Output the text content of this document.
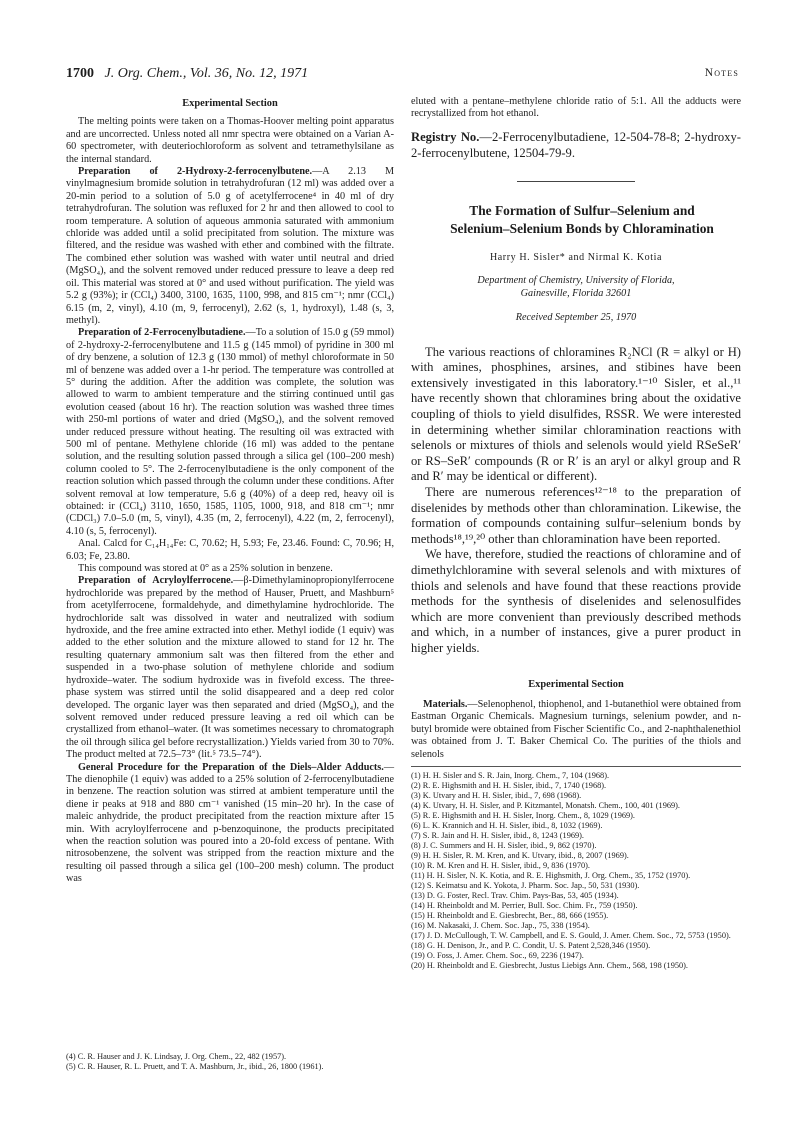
1700 J. Org. Chem., Vol. 36, No. 12, 1971	Notes
Experimental Section

The melting points were taken on a Thomas-Hoover melting point apparatus and are uncorrected. Unless noted all nmr spectra were obtained on a Varian A-60 spectrometer, with deuteriochloroform as solvent and tetramethylsilane as the internal standard.

Preparation of 2-Hydroxy-2-ferrocenylbutene.—A 2.13 M vinylmagnesium bromide solution in tetrahydrofuran (12 ml) was added over a 20-min period to a solution of 5.0 g of acetylferrocene⁴ in 40 ml of dry tetrahydrofuran. The solution was refluxed for 2 hr and then allowed to cool to room temperature. A solution of aqueous ammonia saturated with ammonium chloride was added until a solid precipitated from solution. The mixture was filtered, and the residue was washed with ether and combined with the filtrate. The combined ether solution was washed with water until neutral and dried (MgSO₄), and the solvent removed under reduced pressure to leave a deep red oil. This material was stored at 0° and used without purification. The yield was 5.2 g (93%); ir (CCl₄) 3400, 3100, 1635, 1100, 998, and 815 cm⁻¹; nmr (CCl₄) 6.15 (m, 2, vinyl), 4.10 (m, 9, ferrocenyl), 2.62 (s, 1, hydroxyl), 1.48 (s, 3, methyl).

Preparation of 2-Ferrocenylbutadiene.—To a solution of 15.0 g (59 mmol) of 2-hydroxy-2-ferrocenylbutene and 11.5 g (145 mmol) of pyridine in 300 ml of dry benzene, a solution of 12.3 g (130 mmol) of methyl chloroformate in 50 ml of benzene was added over a 1-hr period. The temperature was controlled at 5° during the addition. After the addition was complete, the solution was allowed to warm to ambient temperature and the stirring continued until gas evolution ceased (about 16 hr). The reaction solution was washed three times with 250-ml portions of water and dried (MgSO₄), and the solvent removed under reduced pressure without heating. The resulting oil was extracted with 500 ml of pentane. Methylene chloride (16 ml) was added to the pentane solution, and the resulting solution passed through a silica gel (100–200 mesh) column cooled to 5°. The 2-ferrocenylbutadiene is the only component of the reaction solution which passed through the column under these conditions. After solvent removal at low temperature, 5.6 g (40%) of a deep red, heavy oil is obtained: ir (CCl₄) 3110, 1650, 1585, 1105, 1000, 918, and 818 cm⁻¹; nmr (CDCl₃) 7.0–5.0 (m, 5, vinyl), 4.35 (m, 2, ferrocenyl), 4.22 (m, 2, ferrocenyl), 4.10 (s, 5, ferrocenyl).

Anal. Calcd for C₁₄H₁₄Fe: C, 70.62; H, 5.93; Fe, 23.46. Found: C, 70.96; H, 6.03; Fe, 23.80.

This compound was stored at 0° as a 25% solution in benzene.

Preparation of Acryloylferrocene.—β-Dimethylaminopropionylferrocene hydrochloride was prepared by the method of Hauser, Pruett, and Mashburn⁵ from acetylferrocene, formaldehyde, and dimethylamine hydrochloride. The hydrochloride salt was dissolved in water and neutralized with sodium hydroxide, and the free amine extracted into ether. Methyl iodide (1 equiv) was added to the ether solution and the mixture allowed to stand for 12 hr. The resulting quaternary ammonium salt was then filtered from the ether and suspended in a two-phase solution of methylene chloride and sodium hydroxide–water. The sodium hydroxide was in fivefold excess. The three-phase system was stirred until the solid disappeared and a deep red color developed. The organic layer was then separated and dried (MgSO₄), and the solvent removed under reduced pressure leaving a red oil which can be crystallized from ethanol–water. (It was sometimes necessary to chromatograph the oil through silica gel before recrystallization.) Yields varied from 30 to 70%. The product melted at 72.5–73° (lit.⁵ 73.5–74°).

General Procedure for the Preparation of the Diels–Alder Adducts.—The dienophile (1 equiv) was added to a 25% solution of 2-ferrocenylbutadiene in benzene. The reaction solution was stirred at ambient temperature until the diene ir peaks at 918 and 880 cm⁻¹ vanished (15 min–20 hr). In the case of maleic anhydride, the product precipitated from the reaction mixture after 15 min. With acryloylferrocene and p-benzoquinone, the products precipitated when the reaction solution was poured into a 20-fold excess of pentane. With nitrosobenzene, the solvent was stripped from the reaction mixture and the resulting oil passed through a silica gel (100–200 mesh) column. The product was

(4) C. R. Hauser and J. K. Lindsay, J. Org. Chem., 22, 482 (1957).

(5) C. R. Hauser, R. L. Pruett, and T. A. Mashburn, Jr., ibid., 26, 1800 (1961).

eluted with a pentane–methylene chloride ratio of 5:1. All the adducts were recrystallized from hot ethanol.

Registry No.—2-Ferrocenylbutadiene, 12-504-78-8; 2-hydroxy-2-ferrocenylbutene, 12504-79-9.

The Formation of Sulfur–Selenium and

Selenium–Selenium Bonds by Chloramination

Harry H. Sisler* and Nirmal K. Kotia

Department of Chemistry, University of Florida,

Gainesville, Florida 32601

Received September 25, 1970

The various reactions of chloramines R₂NCl (R = alkyl or H) with amines, phosphines, arsines, and stibines have been extensively investigated in this laboratory.¹⁻¹⁰ Sisler, et al.,¹¹ have recently shown that chloramines bring about the oxidative coupling of thiols to yield disulfides, RSSR. We were interested in determining whether similar chloramination reactions with selenols or mixtures of thiols and selenols would yield RSeSeR′ or RS–SeR′ compounds (R or R′ is an aryl or alkyl group and R and R′ may be identical or different).

There are numerous references¹²⁻¹⁸ to the preparation of diselenides by methods other than chloramination. Likewise, the formation of compounds containing sulfur–selenium bonds by methods¹⁸,¹⁹,²⁰ other than chloramination have been reported.

We have, therefore, studied the reactions of chloramine and of dimethylchloramine with several selenols and with mixtures of thiols and selenols and have found that these reactions provide methods for the synthesis of diselenides and selenosulfides which are more convenient than previously described methods and which, in a number of instances, give a purer product in higher yields.

Experimental Section

Materials.—Selenophenol, thiophenol, and 1-butanethiol were obtained from Eastman Organic Chemicals. Magnesium turnings, selenium powder, and n-butyl bromide were obtained from Fischer Scientific Co., and 2-naphthalenethiol was obtained from J. T. Baker Chemical Co. The purities of the thiols and selenols

(1) H. H. Sisler and S. R. Jain, Inorg. Chem., 7, 104 (1968).

(2) R. E. Highsmith and H. H. Sisler, ibid., 7, 1740 (1968).

(3) K. Utvary and H. H. Sisler, ibid., 7, 698 (1968).

(4) K. Utvary, H. H. Sisler, and P. Kitzmantel, Monatsh. Chem., 100, 401 (1969).

(5) R. E. Highsmith and H. H. Sisler, Inorg. Chem., 8, 1029 (1969).

(6) L. K. Krannich and H. H. Sisler, ibid., 8, 1032 (1969).

(7) S. R. Jain and H. H. Sisler, ibid., 8, 1243 (1969).

(8) J. C. Summers and H. H. Sisler, ibid., 9, 862 (1970).

(9) H. H. Sisler, R. M. Kren, and K. Utvary, ibid., 8, 2007 (1969).

(10) R. M. Kren and H. H. Sisler, ibid., 9, 836 (1970).

(11) H. H. Sisler, N. K. Kotia, and R. E. Highsmith, J. Org. Chem., 35, 1752 (1970).

(12) S. Keimatsu and K. Yokota, J. Pharm. Soc. Jap., 50, 531 (1930).

(13) D. G. Foster, Recl. Trav. Chim. Pays-Bas, 53, 405 (1934).

(14) H. Rheinboldt and M. Perrier, Bull. Soc. Chim. Fr., 759 (1950).

(15) H. Rheinboldt and E. Giesbrecht, Ber., 88, 666 (1955).

(16) M. Nakasaki, J. Chem. Soc. Jap., 75, 338 (1954).

(17) J. D. McCullough, T. W. Campbell, and E. S. Gould, J. Amer. Chem. Soc., 72, 5753 (1950).

(18) G. H. Denison, Jr., and P. C. Condit, U. S. Patent 2,528,346 (1950).

(19) O. Foss, J. Amer. Chem. Soc., 69, 2236 (1947).

(20) H. Rheinboldt and E. Giesbrecht, Justus Liebigs Ann. Chem., 568, 198 (1950).
